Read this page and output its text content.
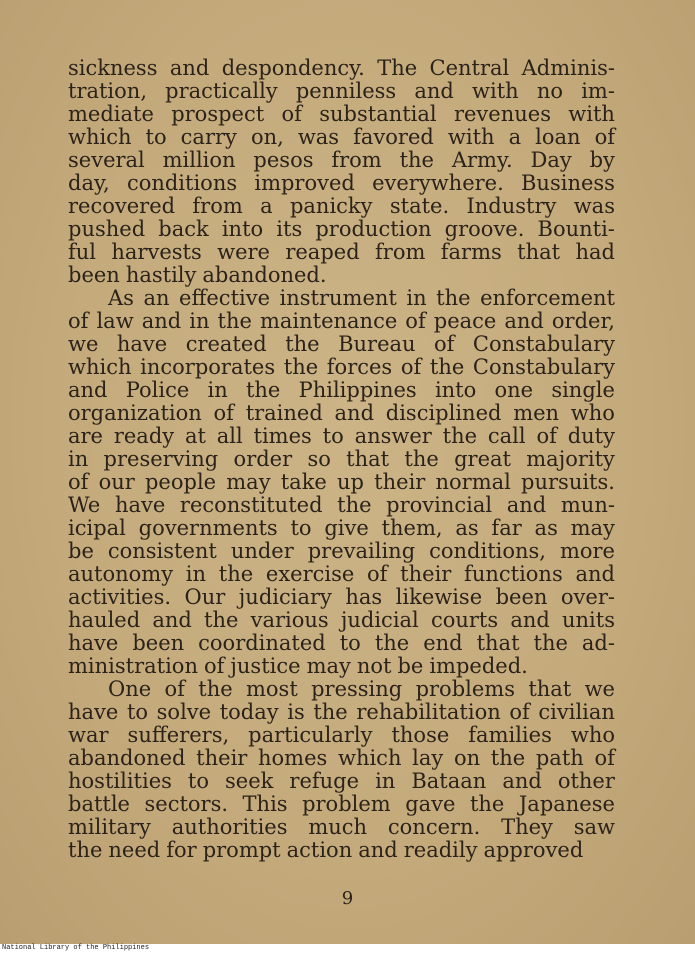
sickness and despondency. The Central Adminis-
tration, practically penniless and with no im-
mediate prospect of substantial revenues with
which to carry on, was favored with a loan of
several million pesos from the Army. Day by
day, conditions improved everywhere. Business
recovered from a panicky state. Industry was
pushed back into its production groove. Bounti-
ful harvests were reaped from farms that had
been hastily abandoned.
As an effective instrument in the enforcement
of law and in the maintenance of peace and order,
we have created the Bureau of Constabulary
which incorporates the forces of the Constabulary
and Police in the Philippines into one single
organization of trained and disciplined men who
are ready at all times to answer the call of duty
in preserving order so that the great majority
of our people may take up their normal pursuits.
We have reconstituted the provincial and mun-
icipal governments to give them, as far as may
be consistent under prevailing conditions, more
autonomy in the exercise of their functions and
activities. Our judiciary has likewise been over-
hauled and the various judicial courts and units
have been coordinated to the end that the ad-
ministration of justice may not be impeded.
One of the most pressing problems that we
have to solve today is the rehabilitation of civilian
war sufferers, particularly those families who
abandoned their homes which lay on the path of
hostilities to seek refuge in Bataan and other
battle sectors. This problem gave the Japanese
military authorities much concern. They saw
the need for prompt action and readily approved
9
National Library of the Philippines
